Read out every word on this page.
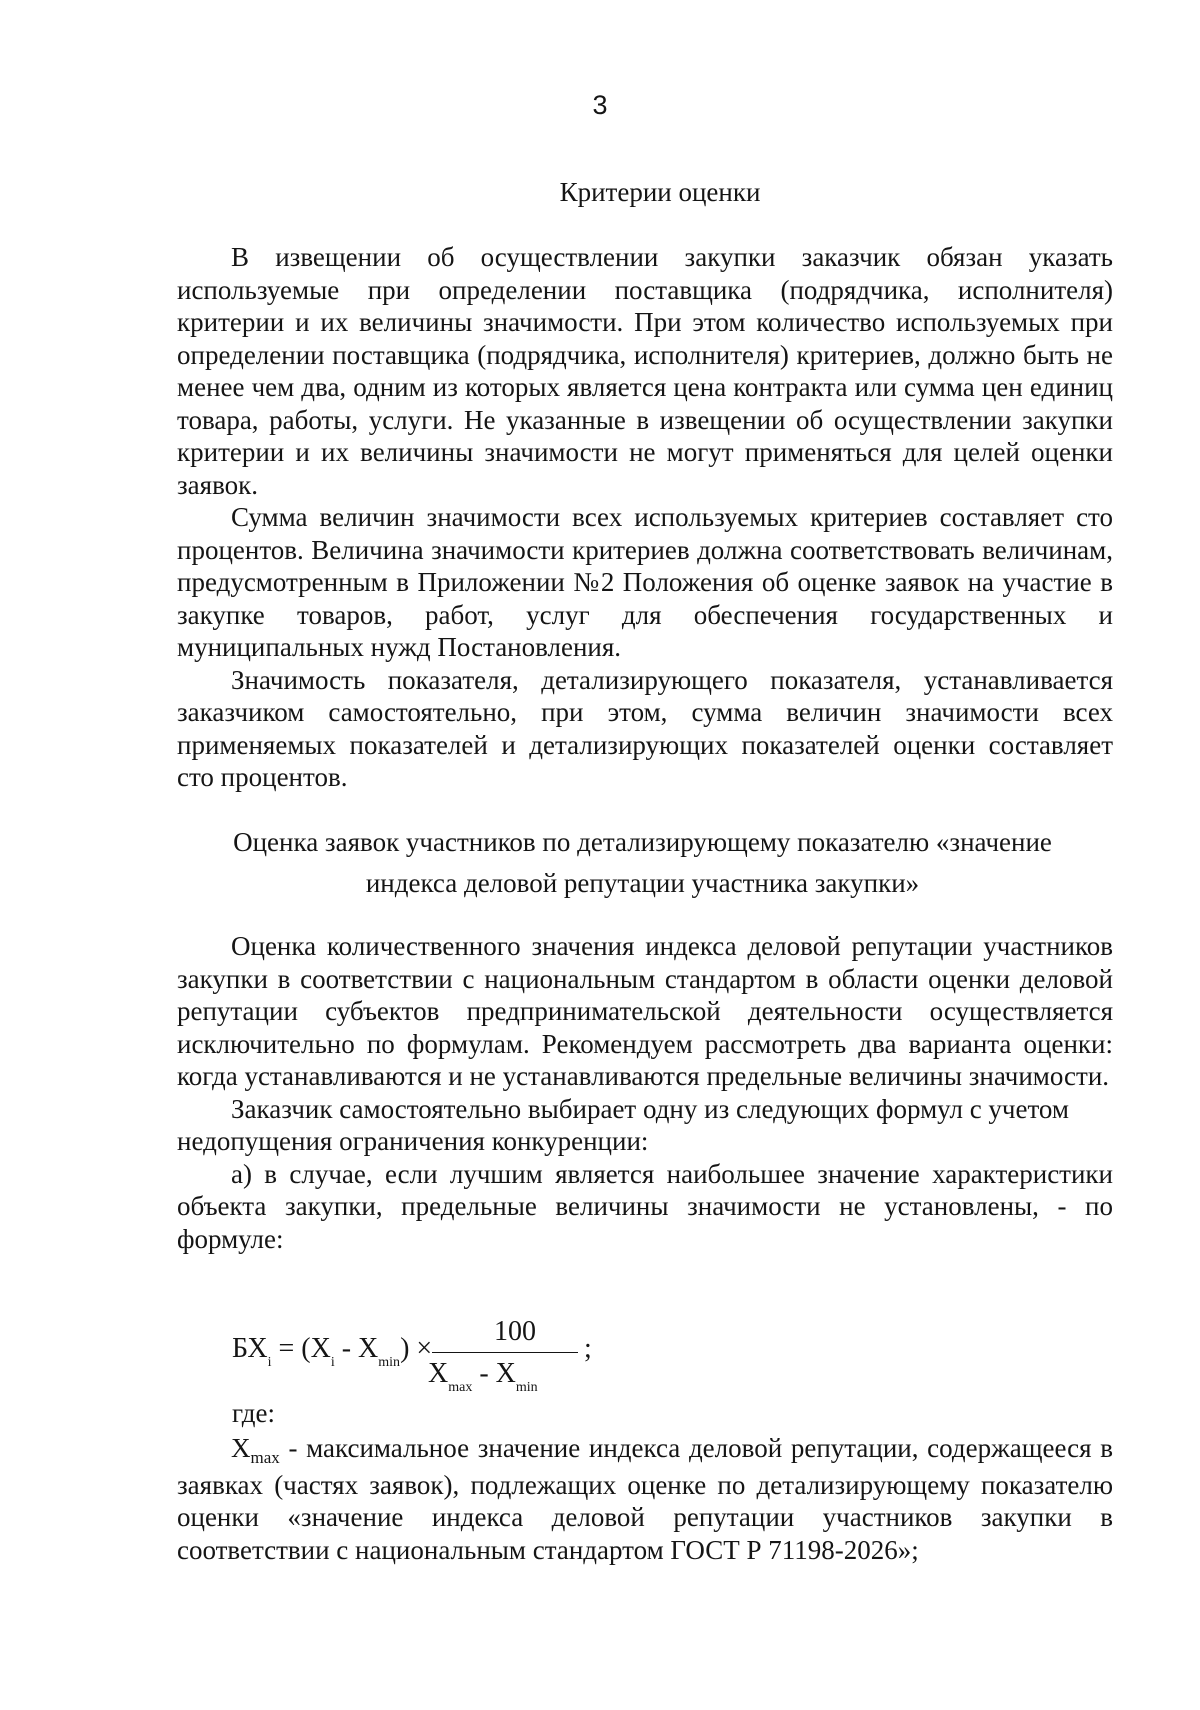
3
Критерии оценки

В извещении об осуществлении закупки заказчик обязан указать используемые при определении поставщика (подрядчика, исполнителя) критерии и их величины значимости. При этом количество используемых при определении поставщика (подрядчика, исполнителя) критериев, должно быть не менее чем два, одним из которых является цена контракта или сумма цен единиц товара, работы, услуги. Не указанные в извещении об осуществлении закупки критерии и их величины значимости не могут применяться для целей оценки заявок.

Сумма величин значимости всех используемых критериев составляет сто процентов. Величина значимости критериев должна соответствовать величинам, предусмотренным в Приложении №2 Положения об оценке заявок на участие в закупке товаров, работ, услуг для обеспечения государственных и муниципальных нужд Постановления.

Значимость показателя, детализирующего показателя, устанавливается заказчиком самостоятельно, при этом, сумма величин значимости всех применяемых показателей и детализирующих показателей оценки составляет сто процентов.

Оценка заявок участников по детализирующему показателю «значение индекса деловой репутации участника закупки»

Оценка количественного значения индекса деловой репутации участников закупки в соответствии с национальным стандартом в области оценки деловой репутации субъектов предпринимательской деятельности осуществляется исключительно по формулам. Рекомендуем рассмотреть два варианта оценки: когда устанавливаются и не устанавливаются предельные величины значимости.

Заказчик самостоятельно выбирает одну из следующих формул с учетом недопущения ограничения конкуренции:

а) в случае, если лучшим является наибольшее значение характеристики объекта закупки, предельные величины значимости не установлены, - по формуле:

$БХ_i = (X_i - X_{min})$ ×
100
$X_{max} - X_{min}$
;
где:

$X_{max}$ - максимальное значение индекса деловой репутации, содержащееся в заявках (частях заявок), подлежащих оценке по детализирующему показателю оценки «значение индекса деловой репутации участников закупки в соответствии с национальным стандартом ГОСТ Р 71198-2026»;
